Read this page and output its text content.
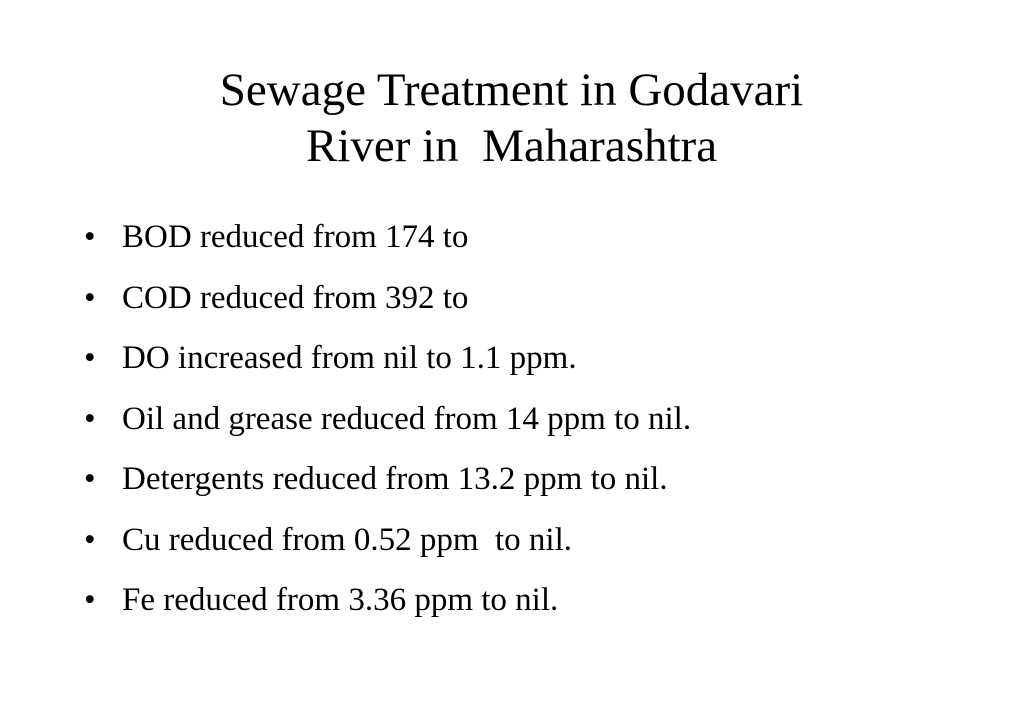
Sewage Treatment in Godavari
River in  Maharashtra

•

BOD reduced from 174 to

•

COD reduced from 392 to

•

DO increased from nil to 1.1 ppm.

•

Oil and grease reduced from 14 ppm to nil.

•

Detergents reduced from 13.2 ppm to nil.

•

Cu reduced from 0.52 ppm  to nil.

•

Fe reduced from 3.36 ppm to nil.
